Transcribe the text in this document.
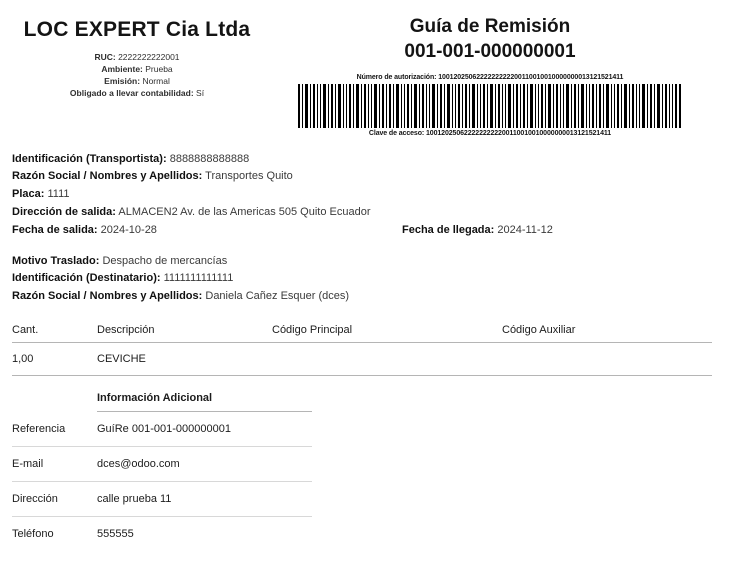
LOC EXPERT Cia Ltda
RUC: 2222222222001
Ambiente: Prueba
Emisión: Normal
Obligado a llevar contabilidad: Sí
Guía de Remisión
001-001-000000001
Número de autorización: 1001202506222222222200110010010000000013121521411
Clave de acceso: 1001202506222222222200110010010000000013121521411
Identificación (Transportista): 8888888888888
Razón Social / Nombres y Apellidos: Transportes Quito
Placa: 1111
Dirección de salida: ALMACEN2 Av. de las Americas 505 Quito Ecuador
Fecha de salida: 2024-10-28	Fecha de llegada: 2024-11-12
Motivo Traslado: Despacho de mercancías
Identificación (Destinatario): 1111111111111
Razón Social / Nombres y Apellidos: Daniela Cañez Esquer (dces)
Cant.	Descripción	Código Principal	Código Auxiliar
1,00	CEVICHE		
	Información Adicional
Referencia	GuíRe 001-001-000000001
E-mail	dces@odoo.com
Dirección	calle prueba 11
Teléfono	555555
